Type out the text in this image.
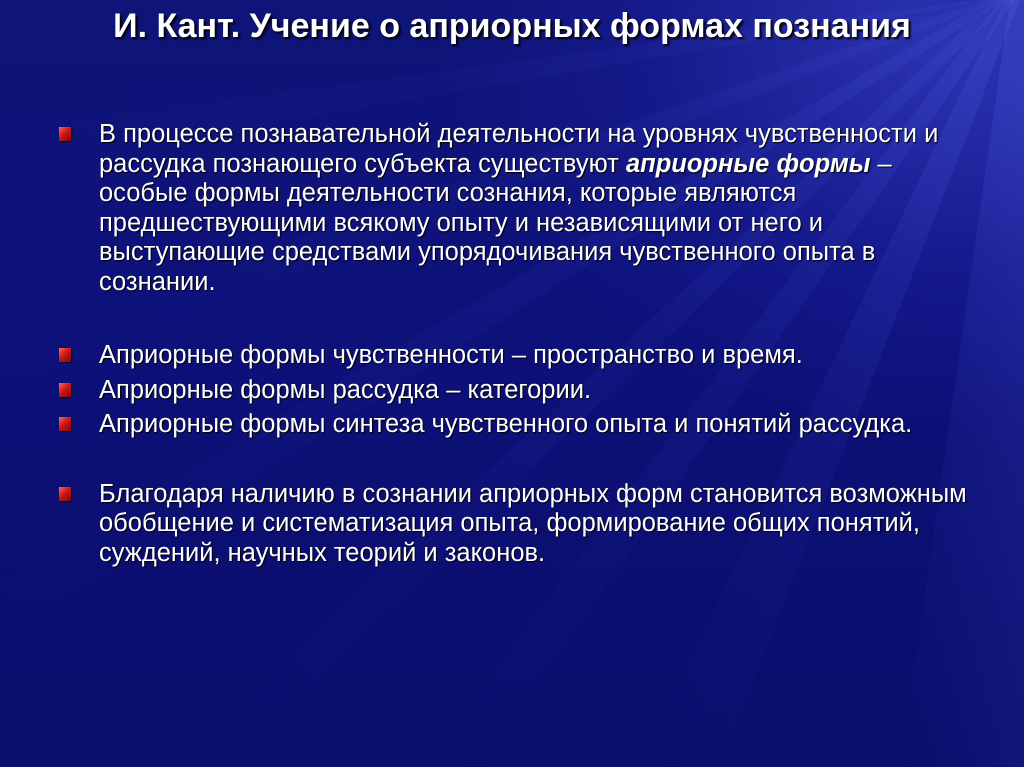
И. Кант. Учение о априорных формах познания
В процессе познавательной деятельности на уровнях чувственности и рассудка познающего субъекта существуют априорные формы – особые формы деятельности сознания, которые являются предшествующими всякому опыту и независящими от него и выступающие средствами упорядочивания чувственного опыта в сознании.
Априорные формы чувственности – пространство и время.
Априорные формы рассудка – категории.
Априорные формы синтеза чувственного опыта и понятий рассудка.
Благодаря наличию в сознании априорных форм становится возможным обобщение и систематизация опыта, формирование общих понятий, суждений, научных теорий и законов.
